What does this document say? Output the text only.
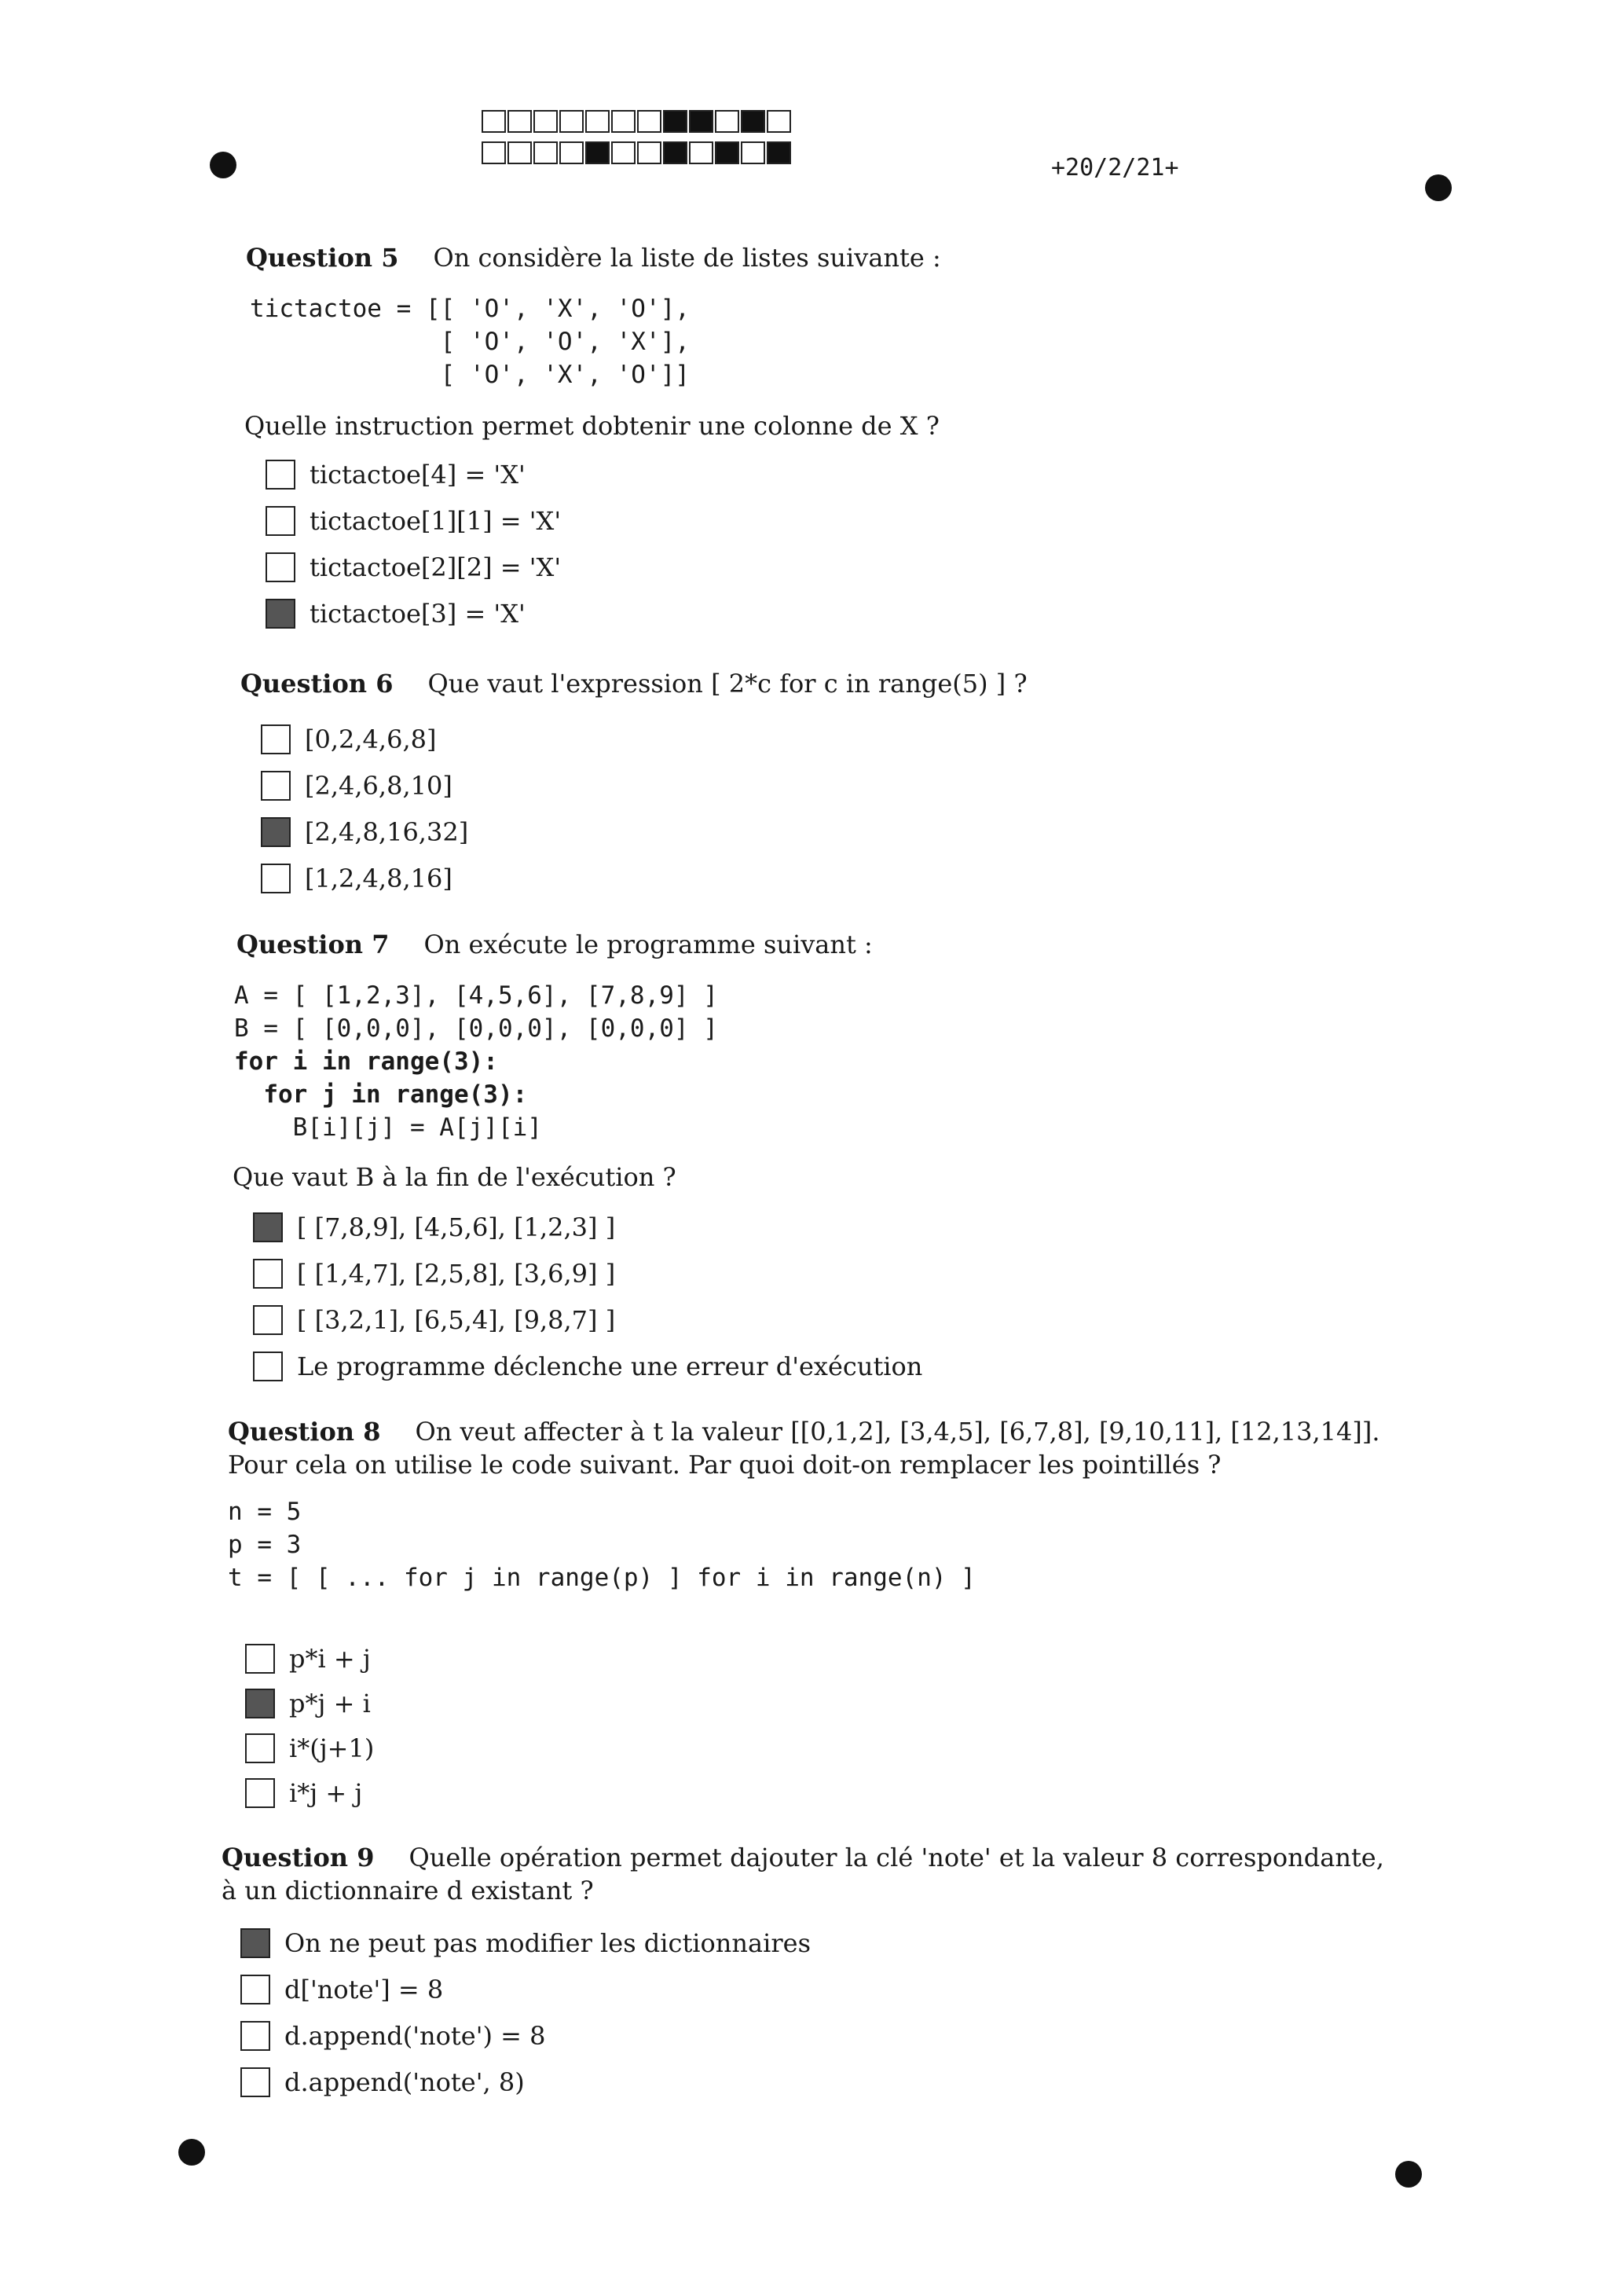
+20/2/21+
Question 5 On considère la liste de listes suivante :
tictactoe = [[ 'O', 'X', 'O'],
[ 'O', 'O', 'X'],
[ 'O', 'X', 'O']]
Quelle instruction permet dobtenir une colonne de X ?
tictactoe[4] = 'X'
tictactoe[1][1] = 'X'
tictactoe[2][2] = 'X'
tictactoe[3] = 'X'
Question 6 Que vaut l'expression [ 2*c for c in range(5) ] ?
[0,2,4,6,8]
[2,4,6,8,10]
[2,4,8,16,32]
[1,2,4,8,16]
Question 7 On exécute le programme suivant :
A = [ [1,2,3], [4,5,6], [7,8,9] ]
B = [ [0,0,0], [0,0,0], [0,0,0] ]
for i in range(3):
for j in range(3):
B[i][j] = A[j][i]
Que vaut B à la fin de l'exécution ?
[ [7,8,9], [4,5,6], [1,2,3] ]
[ [1,4,7], [2,5,8], [3,6,9] ]
[ [3,2,1], [6,5,4], [9,8,7] ]
Le programme déclenche une erreur d'exécution
Question 8 On veut affecter à t la valeur [[0,1,2], [3,4,5], [6,7,8], [9,10,11], [12,13,14]]. Pour cela on utilise le code suivant. Par quoi doit-on remplacer les pointillés ?
n = 5
p = 3
t = [ [ ... for j in range(p) ] for i in range(n) ]
p*i + j
p*j + i
i*(j+1)
i*j + j
Question 9 Quelle opération permet dajouter la clé 'note' et la valeur 8 correspondante, à un dictionnaire d existant ?
On ne peut pas modifier les dictionnaires
d['note'] = 8
d.append('note') = 8
d.append('note', 8)
